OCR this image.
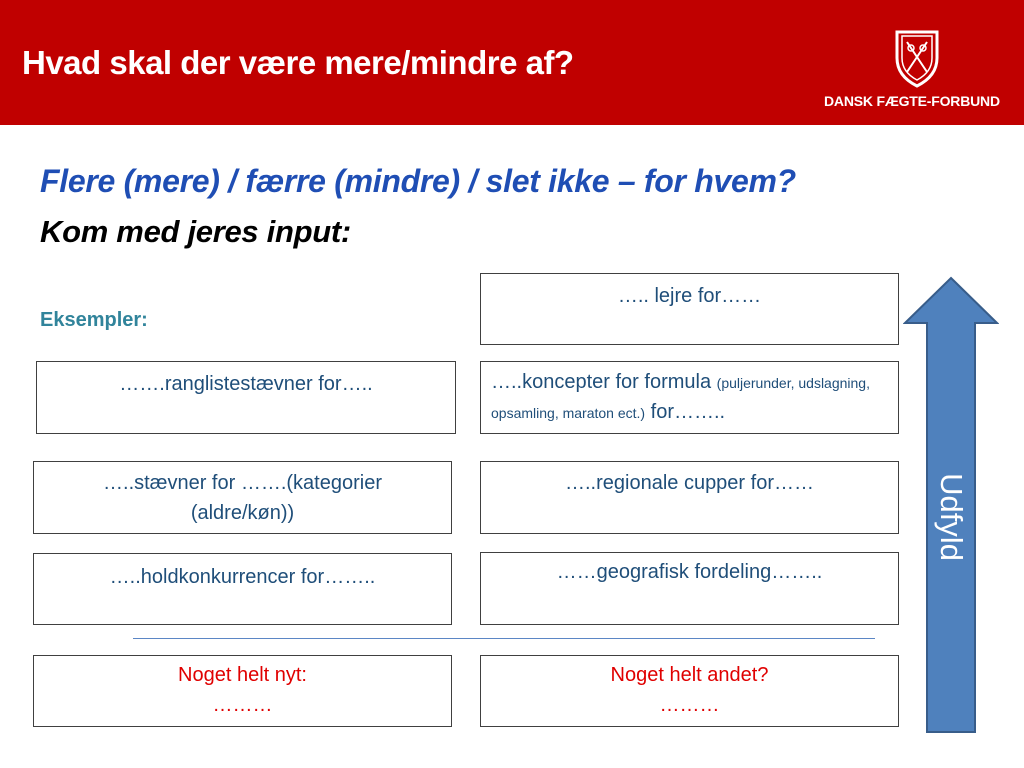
Hvad skal der være mere/mindre af?
DANSK FÆGTE-FORBUND
Flere (mere) / færre (mindre) / slet ikke – for hvem?
Kom med jeres input:
Eksempler:
….. lejre for……
…….ranglistestævner for…..	…..koncepter for formula (puljerunder, udslagning, opsamling, maraton ect.) for……..
…..stævner for …….(kategorier
(aldre/køn))
…..regionale cupper for……
…..holdkonkurrencer for……..	……geografisk fordeling……..
Noget helt nyt:
………
Noget helt andet?
………
Udfyld
